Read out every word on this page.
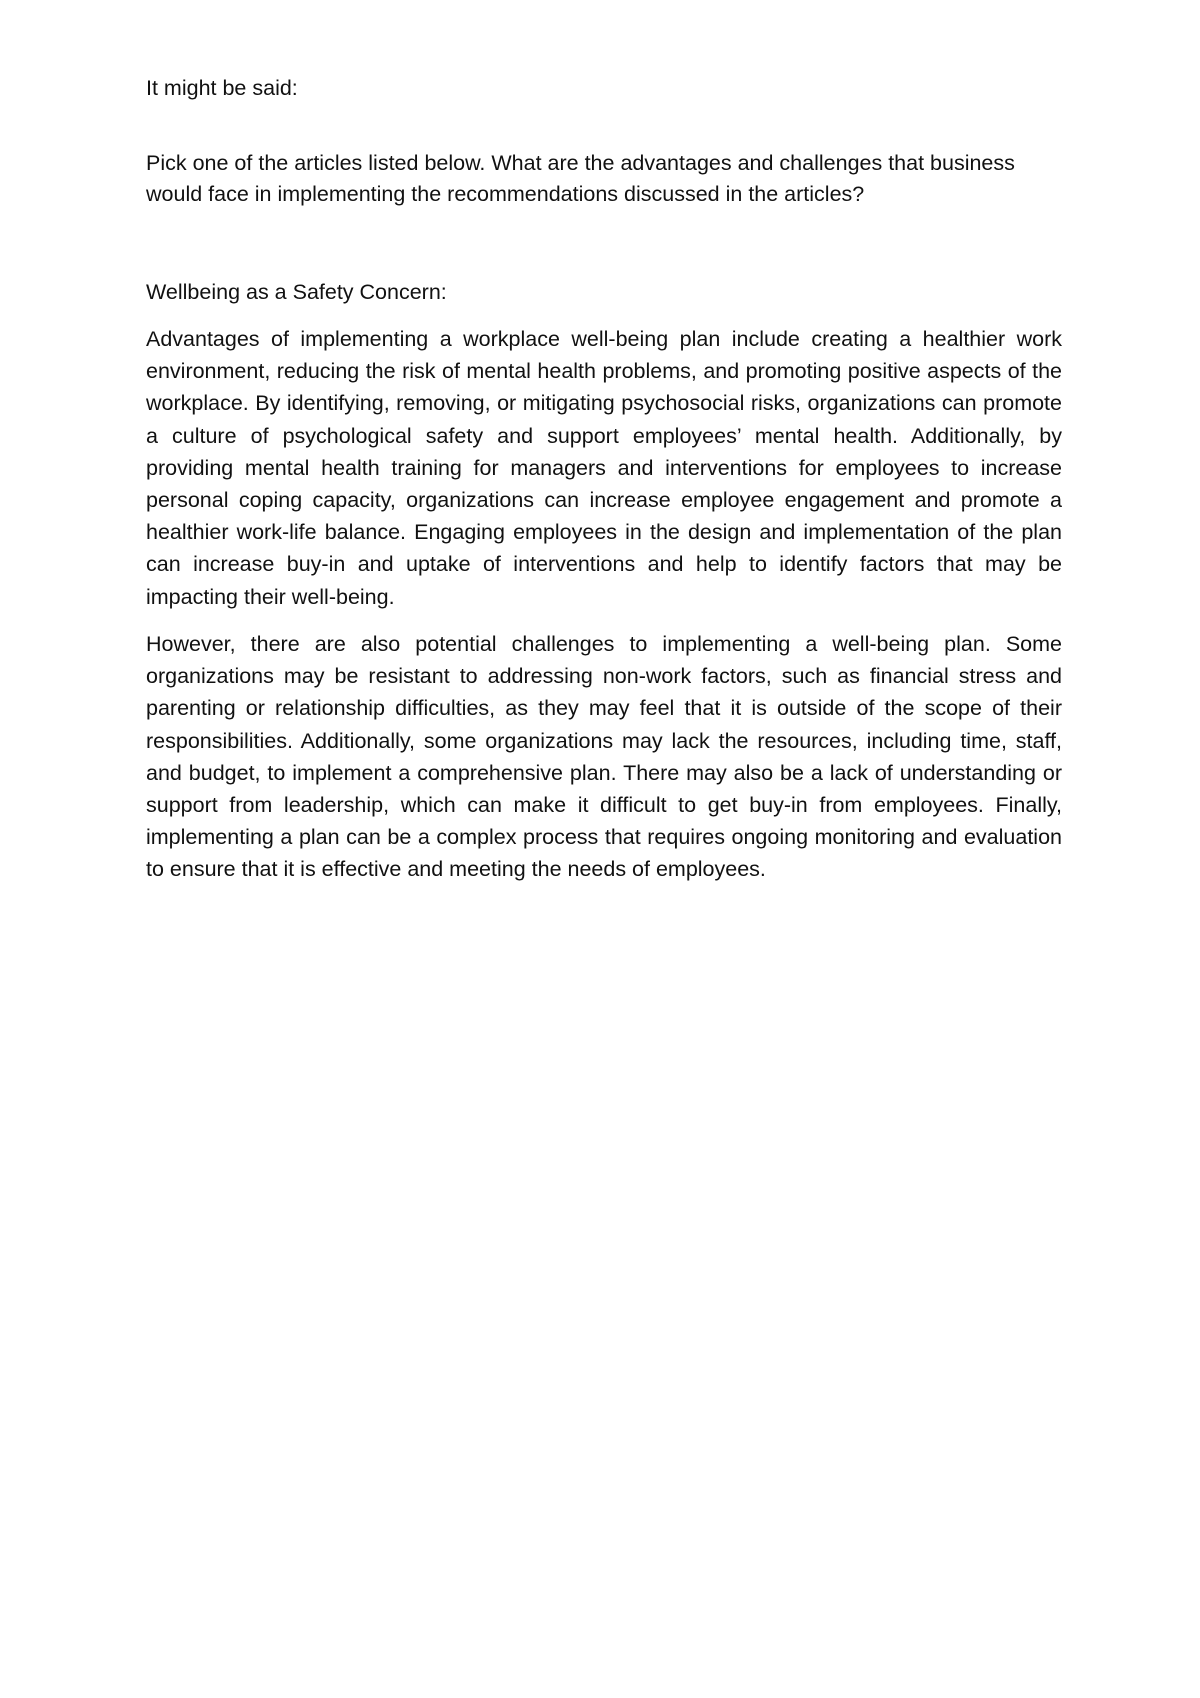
It might be said:

Pick one of the articles listed below. What are the advantages and challenges that business would face in implementing the recommendations discussed in the articles?

Wellbeing as a Safety Concern:

Advantages of implementing a workplace well-being plan include creating a healthier work environment, reducing the risk of mental health problems, and promoting positive aspects of the workplace. By identifying, removing, or mitigating psychosocial risks, organizations can promote a culture of psychological safety and support employees’ mental health. Additionally, by providing mental health training for managers and interventions for employees to increase personal coping capacity, organizations can increase employee engagement and promote a healthier work-life balance. Engaging employees in the design and implementation of the plan can increase buy-in and uptake of interventions and help to identify factors that may be impacting their well-being.

However, there are also potential challenges to implementing a well-being plan. Some organizations may be resistant to addressing non-work factors, such as financial stress and parenting or relationship difficulties, as they may feel that it is outside of the scope of their responsibilities. Additionally, some organizations may lack the resources, including time, staff, and budget, to implement a comprehensive plan. There may also be a lack of understanding or support from leadership, which can make it difficult to get buy-in from employees. Finally, implementing a plan can be a complex process that requires ongoing monitoring and evaluation to ensure that it is effective and meeting the needs of employees.
